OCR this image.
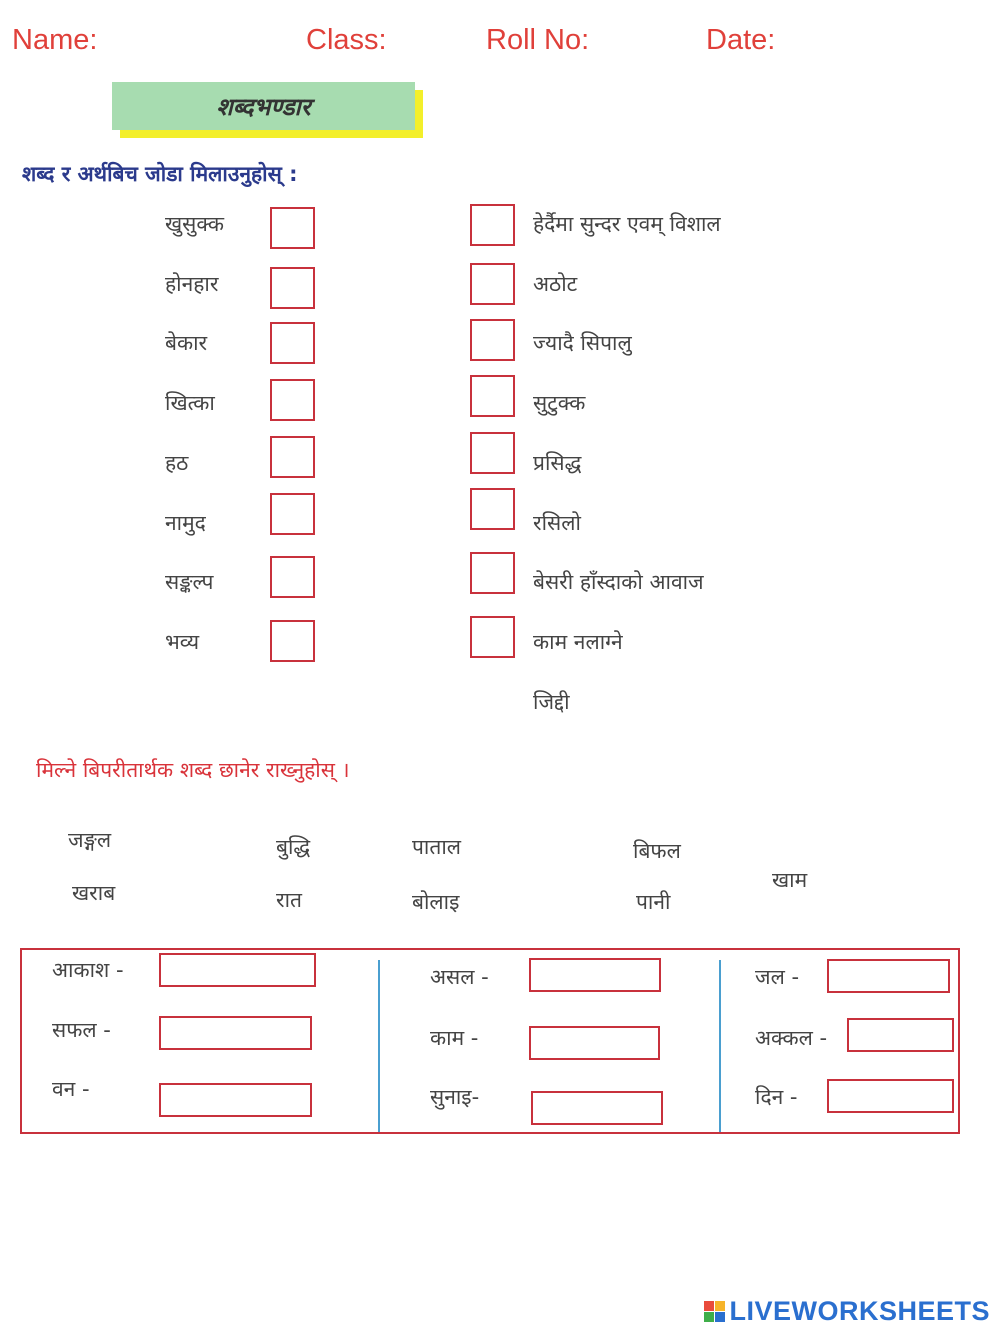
Name:	Class:	Roll No:	Date:
शब्दभण्डार
शब्द र अर्थबिच जोडा मिलाउनुहोस् :
खुसुक्क
होनहार
बेकार
खित्का
हठ
नामुद
सङ्कल्प
भव्य
हेर्दैमा सुन्दर एवम् विशाल
अठोट
ज्यादै सिपालु
सुटुक्क
प्रसिद्ध
रसिलो
बेसरी हाँस्दाको आवाज
काम नलाग्ने
जिद्दी
मिल्ने बिपरीतार्थक शब्द छानेर राख्नुहोस् ।
जङ्गल
खराब
बुद्धि
रात
पाताल
बोलाइ
बिफल
पानी
खाम
आकाश -
सफल -
वन -
असल -
काम -
सुनाइ-
जल -
अक्कल -
दिन -
LIVEWORKSHEETS
